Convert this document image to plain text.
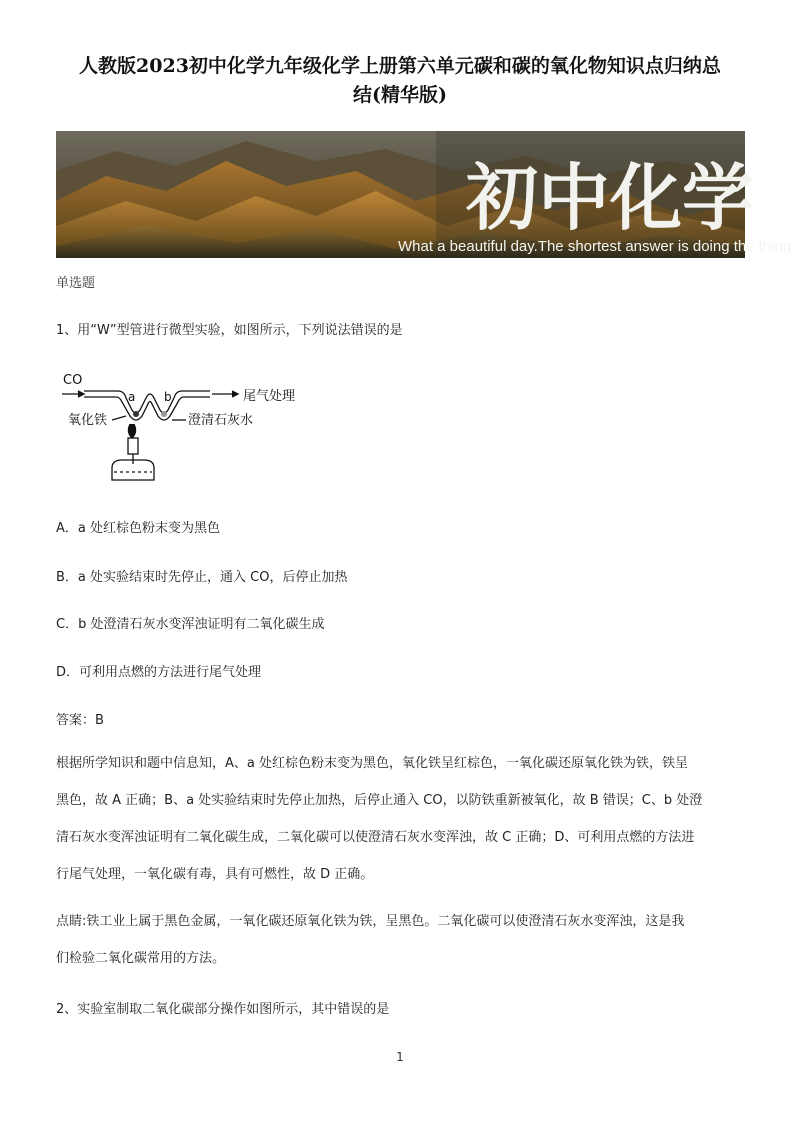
人教版2023初中化学九年级化学上册第六单元碳和碳的氧化物知识点归纳总
结(精华版)
初中化学
What a beautiful day.The shortest answer is doing the thing.
单选题
1、用“W”型管进行微型实验，如图所示，下列说法错误的是
CO
a b	尾气处理
氧化铁	澄清石灰水
A．a 处红棕色粉末变为黑色
B．a 处实验结束时先停止，通入 CO，后停止加热
C．b 处澄清石灰水变浑浊证明有二氧化碳生成
D．可利用点燃的方法进行尾气处理
答案：B
根据所学知识和题中信息知，A、a 处红棕色粉末变为黑色，氧化铁呈红棕色，一氧化碳还原氧化铁为铁，铁呈
黑色，故 A 正确；B、a 处实验结束时先停止加热，后停止通入 CO，以防铁重新被氧化，故 B 错误；C、b 处澄
清石灰水变浑浊证明有二氧化碳生成，二氧化碳可以使澄清石灰水变浑浊，故 C 正确；D、可利用点燃的方法进
行尾气处理，一氧化碳有毒，具有可燃性，故 D 正确。
点睛:铁工业上属于黑色金属，一氧化碳还原氧化铁为铁，呈黑色。二氧化碳可以使澄清石灰水变浑浊，这是我
们检验二氧化碳常用的方法。
2、实验室制取二氧化碳部分操作如图所示，其中错误的是
1
